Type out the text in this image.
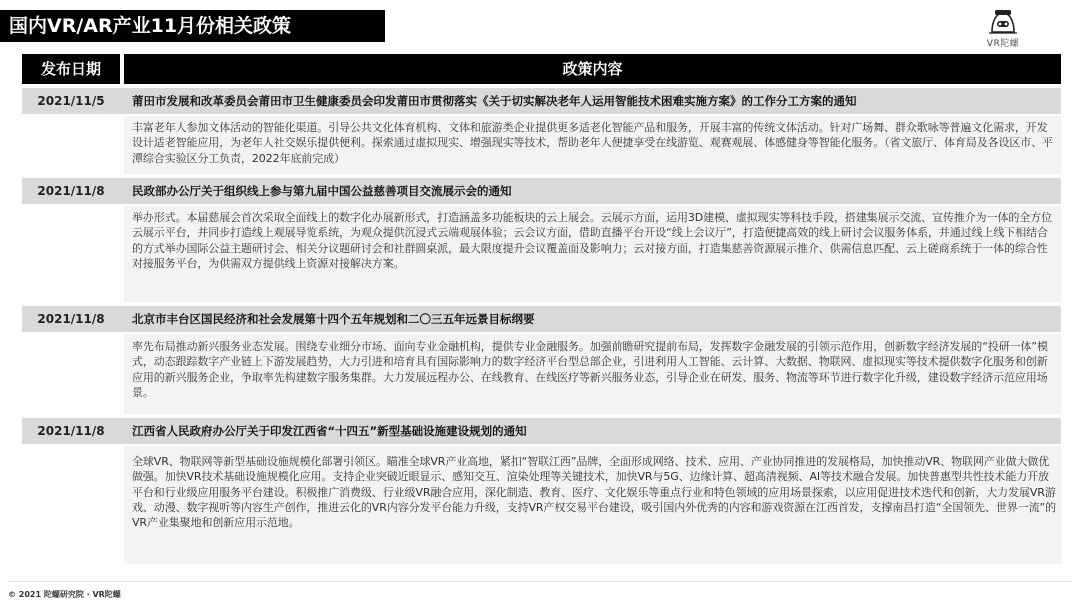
国内VR/AR产业11月份相关政策
VR陀螺
发布日期	政策内容
2021/11/5	莆田市发展和改革委员会莆田市卫生健康委员会印发莆田市贯彻落实《关于切实解决老年人运用智能技术困难实施方案》的工作分工方案的通知
丰富老年人参加文体活动的智能化渠道。引导公共文化体育机构、文体和旅游类企业提供更多适老化智能产品和服务，开展丰富的传统文体活动。针对广场舞、群众歌咏等普遍文化需求，开发设计适老智能应用，为老年人社交娱乐提供便利。探索通过虚拟现实、增强现实等技术，帮助老年人便捷享受在线游览、观赛观展、体感健身等智能化服务。（省文旅厅、体育局及各设区市、平潭综合实验区分工负责，2022年底前完成）
2021/11/8	民政部办公厅关于组织线上参与第九届中国公益慈善项目交流展示会的通知
举办形式。本届慈展会首次采取全面线上的数字化办展新形式，打造涵盖多功能板块的云上展会。云展示方面，运用3D建模、虚拟现实等科技手段，搭建集展示交流、宣传推介为一体的全方位云展示平台，并同步打造线上观展导览系统，为观众提供沉浸式云端观展体验；云会议方面，借助直播平台开设“线上会议厅”，打造便捷高效的线上研讨会议服务体系，并通过线上线下相结合的方式举办国际公益主题研讨会、相关分议题研讨会和社群圆桌派，最大限度提升会议覆盖面及影响力；云对接方面，打造集慈善资源展示推介、供需信息匹配、云上磋商系统于一体的综合性对接服务平台，为供需双方提供线上资源对接解决方案。
2021/11/8	北京市丰台区国民经济和社会发展第十四个五年规划和二〇三五年远景目标纲要
率先布局推动新兴服务业态发展。围绕专业细分市场、面向专业金融机构，提供专业金融服务。加强前瞻研究提前布局，发挥数字金融发展的引领示范作用，创新数字经济发展的“投研一体”模式，动态跟踪数字产业链上下游发展趋势，大力引进和培育具有国际影响力的数字经济平台型总部企业，引进利用人工智能、云计算、大数据、物联网、虚拟现实等技术提供数字化服务和创新应用的新兴服务企业，争取率先构建数字服务集群。大力发展远程办公、在线教育、在线医疗等新兴服务业态，引导企业在研发、服务、物流等环节进行数字化升级，建设数字经济示范应用场景。
2021/11/8	江西省人民政府办公厅关于印发江西省“十四五”新型基础设施建设规划的通知
全球VR、物联网等新型基础设施规模化部署引领区。瞄准全球VR产业高地，紧扣“智联江西”品牌，全面形成网络、技术、应用、产业协同推进的发展格局，加快推动VR、物联网产业做大做优做强。加快VR技术基础设施规模化应用。支持企业突破近眼显示、感知交互、渲染处理等关键技术，加快VR与5G、边缘计算、超高清视频、AI等技术融合发展。加快普惠型共性技术能力开放平台和行业级应用服务平台建设。积极推广消费级、行业级VR融合应用，深化制造、教育、医疗、文化娱乐等重点行业和特色领域的应用场景探索，以应用促进技术迭代和创新，大力发展VR游戏、动漫、数字视听等内容生产创作，推进云化的VR内容分发平台能力升级，支持VR产权交易平台建设，吸引国内外优秀的内容和游戏资源在江西首发，支撑南昌打造“全国领先、世界一流”的VR产业集聚地和创新应用示范地。
© 2021 陀螺研究院 · VR陀螺
